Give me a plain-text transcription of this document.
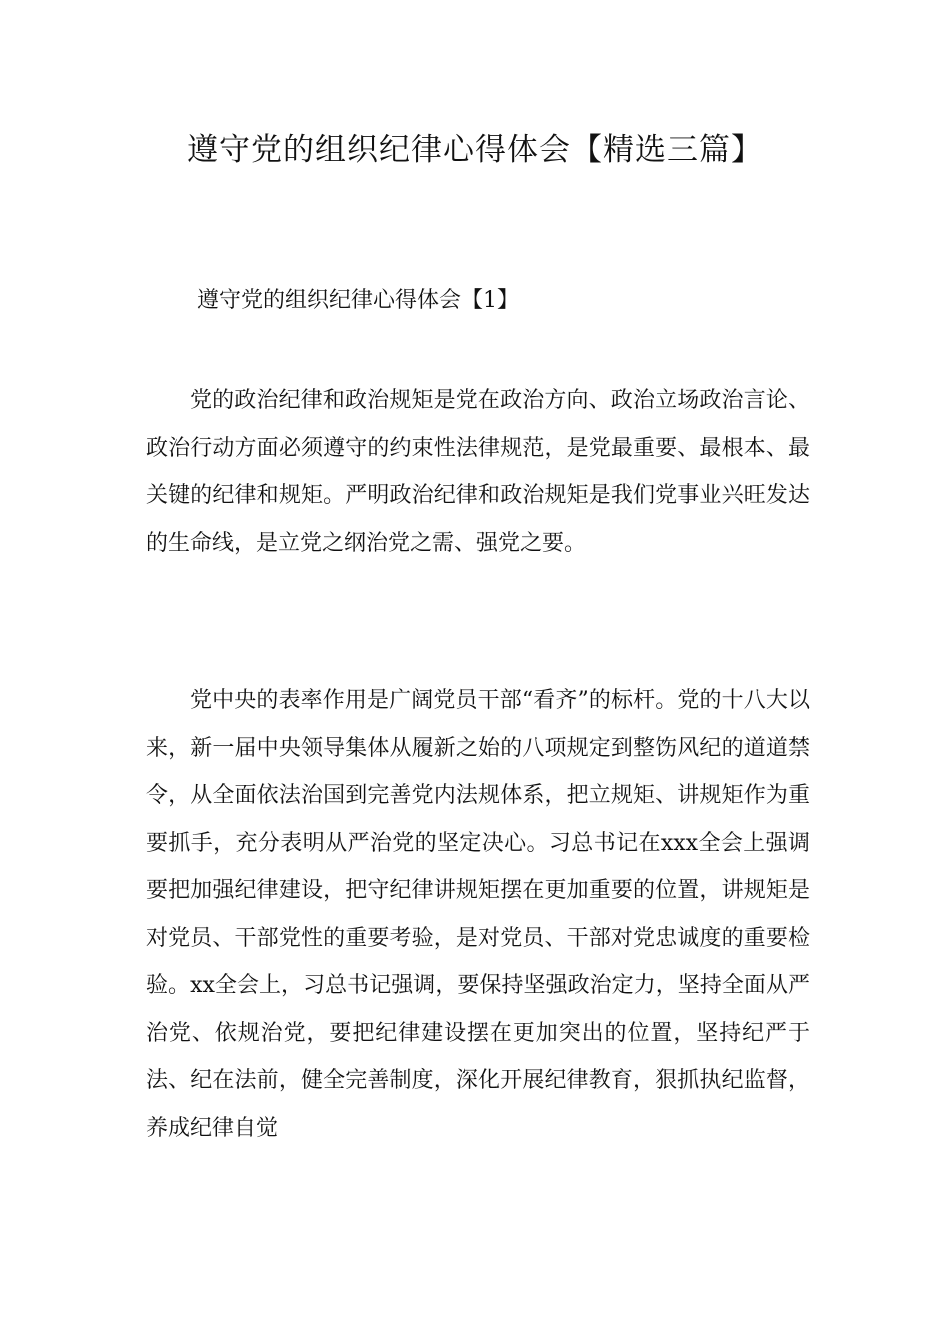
遵守党的组织纪律心得体会【精选三篇】
遵守党的组织纪律心得体会【1】

党的政治纪律和政治规矩是党在政治方向、政治立场政治言论、政治行动方面必须遵守的约束性法律规范，是党最重要、最根本、最关键的纪律和规矩。严明政治纪律和政治规矩是我们党事业兴旺发达的生命线，是立党之纲治党之需、强党之要。

党中央的表率作用是广阔党员干部“看齐”的标杆。党的十八大以来，新一届中央领导集体从履新之始的八项规定到整饬风纪的道道禁令，从全面依法治国到完善党内法规体系，把立规矩、讲规矩作为重要抓手，充分表明从严治党的坚定决心。习总书记在xxx全会上强调要把加强纪律建设，把守纪律讲规矩摆在更加重要的位置，讲规矩是对党员、干部党性的重要考验，是对党员、干部对党忠诚度的重要检验。xx全会上，习总书记强调，要保持坚强政治定力，坚持全面从严治党、依规治党，要把纪律建设摆在更加突出的位置，坚持纪严于法、纪在法前，健全完善制度，深化开展纪律教育，狠抓执纪监督，养成纪律自觉
